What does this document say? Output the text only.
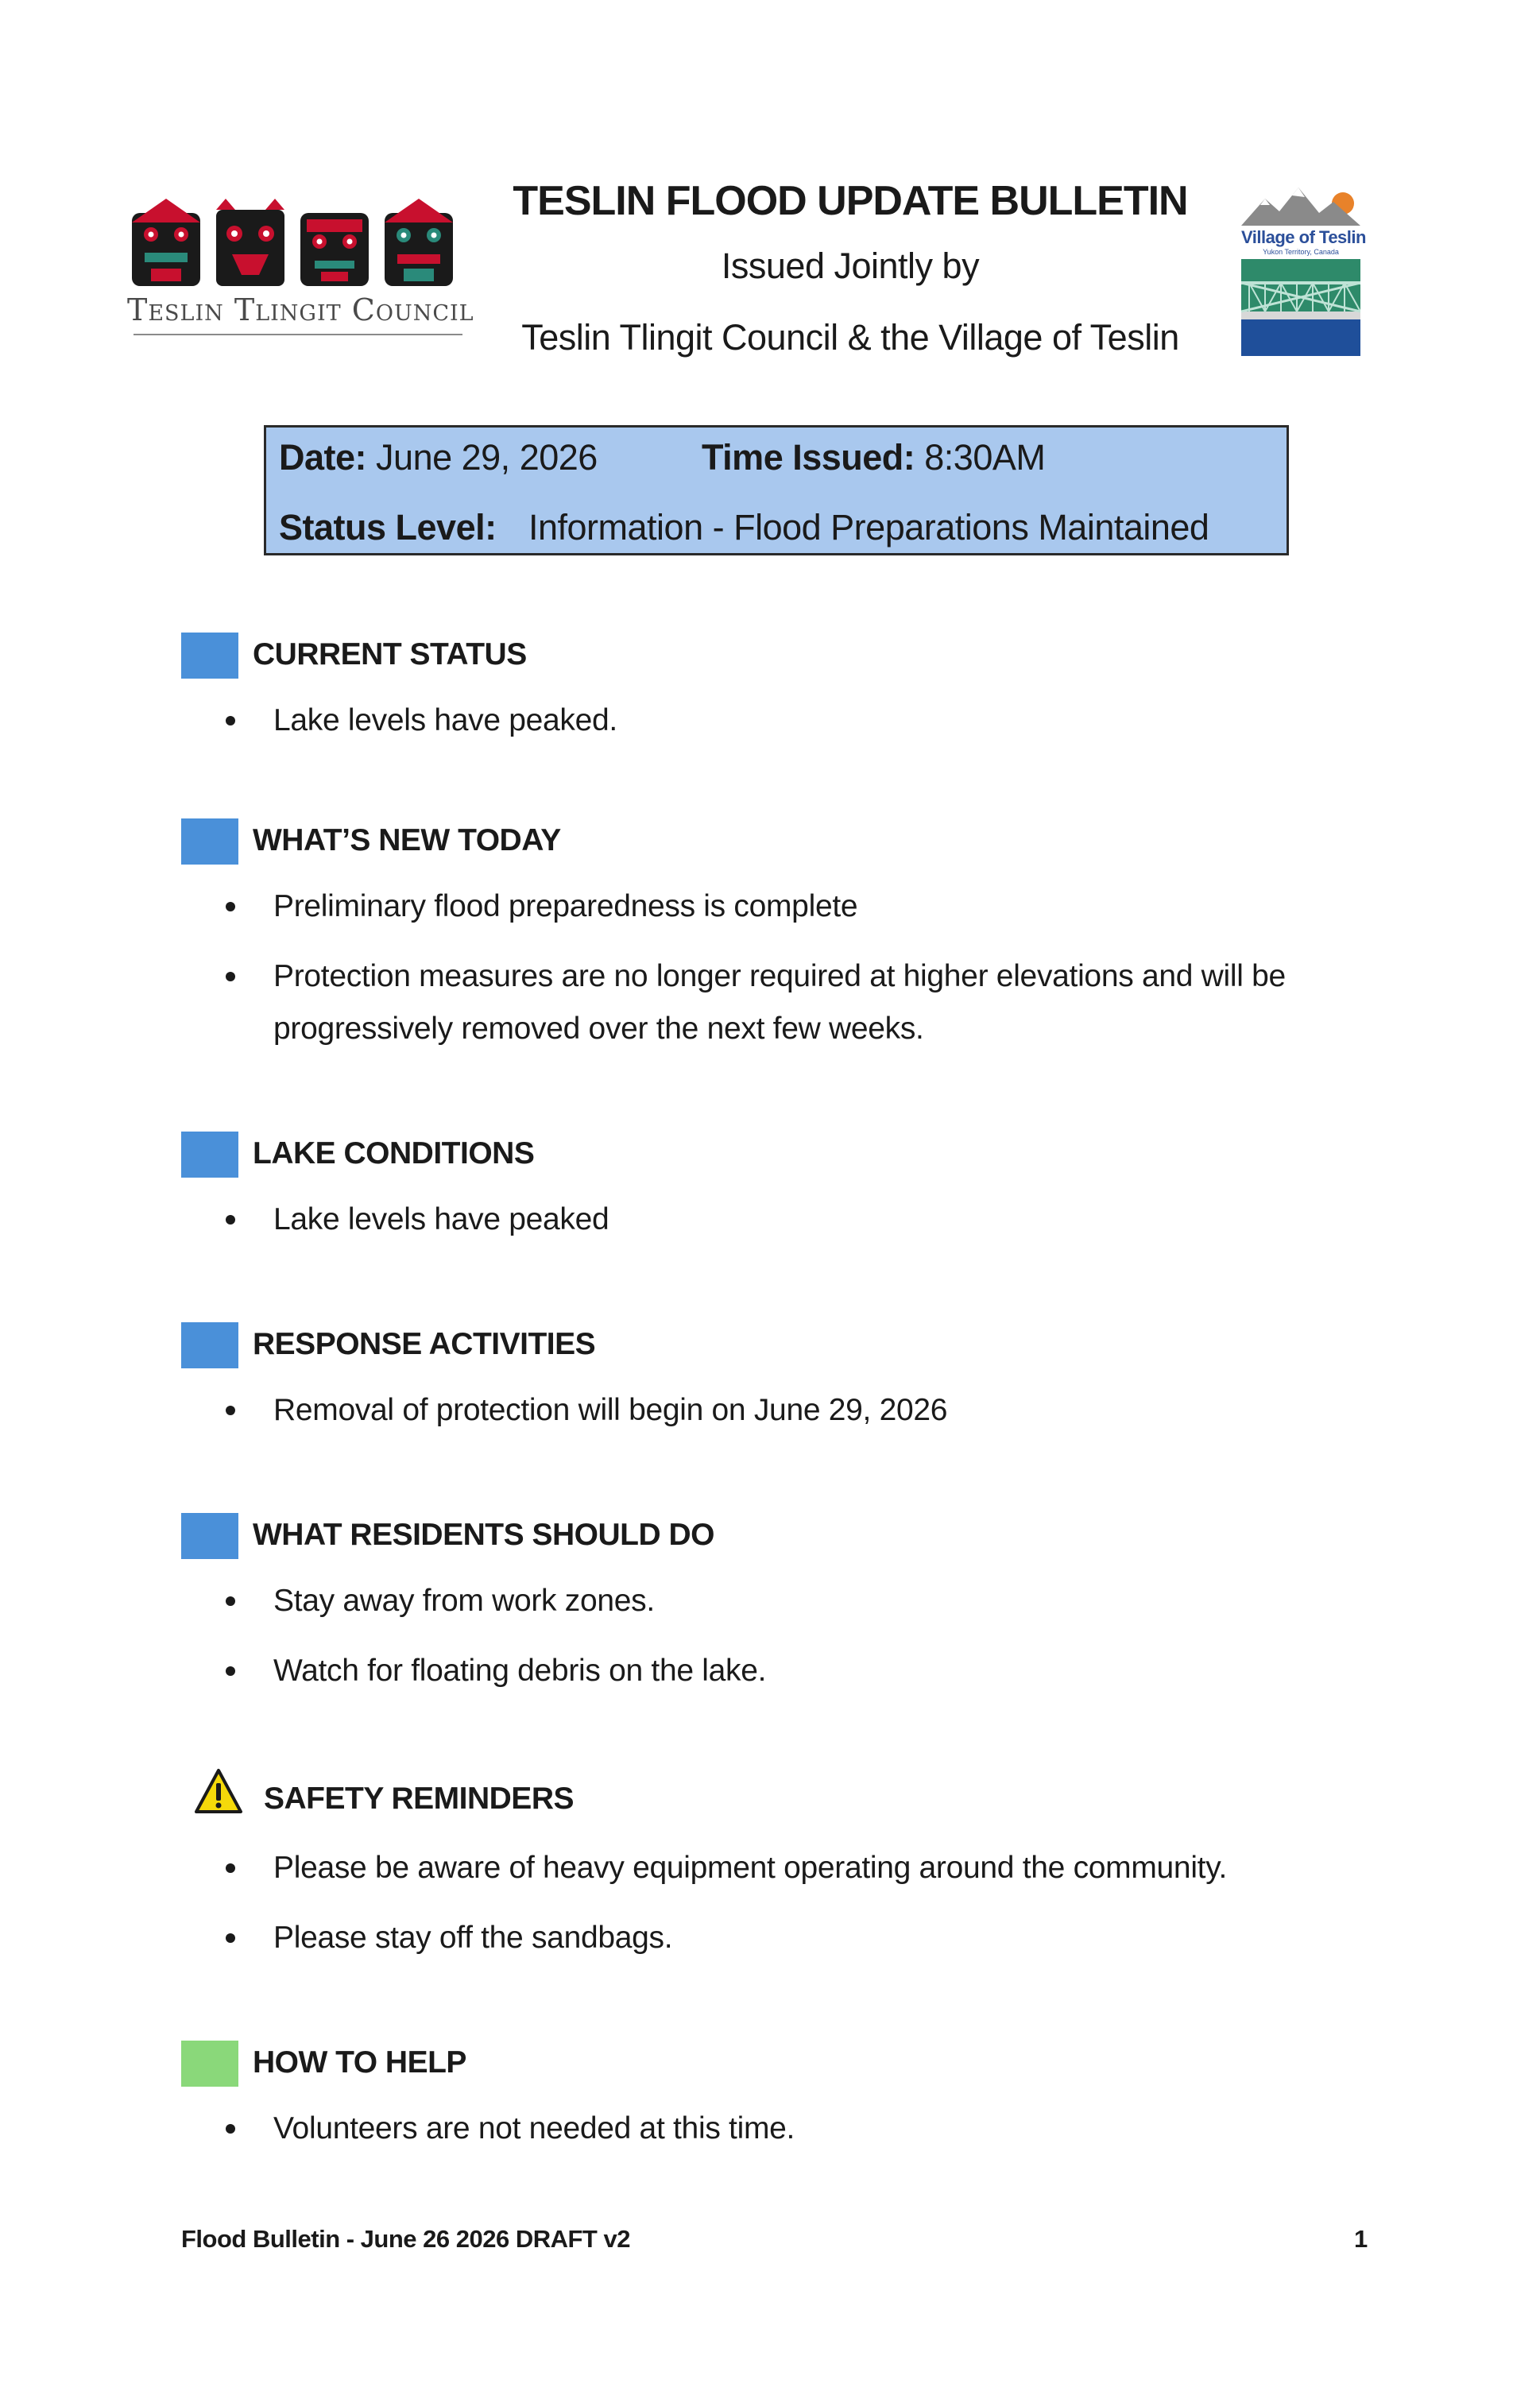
Teslin Tlingit Council
TESLIN FLOOD UPDATE BULLETIN
Issued Jointly by
Teslin Tlingit Council & the Village of Teslin
Village of Teslin
Yukon Territory, Canada
Date: June 29, 2026	Time Issued: 8:30AM
Status Level: Information - Flood Preparations Maintained
CURRENT STATUS
Lake levels have peaked.
WHAT’S NEW TODAY
Preliminary flood preparedness is complete
Protection measures are no longer required at higher elevations and will be
progressively removed over the next few weeks.
LAKE CONDITIONS
Lake levels have peaked
RESPONSE ACTIVITIES
Removal of protection will begin on June 29, 2026
WHAT RESIDENTS SHOULD DO
Stay away from work zones.
Watch for floating debris on the lake.
SAFETY REMINDERS
Please be aware of heavy equipment operating around the community.
Please stay off the sandbags.
HOW TO HELP
Volunteers are not needed at this time.
Flood Bulletin - June 26 2026 DRAFT v2	1
